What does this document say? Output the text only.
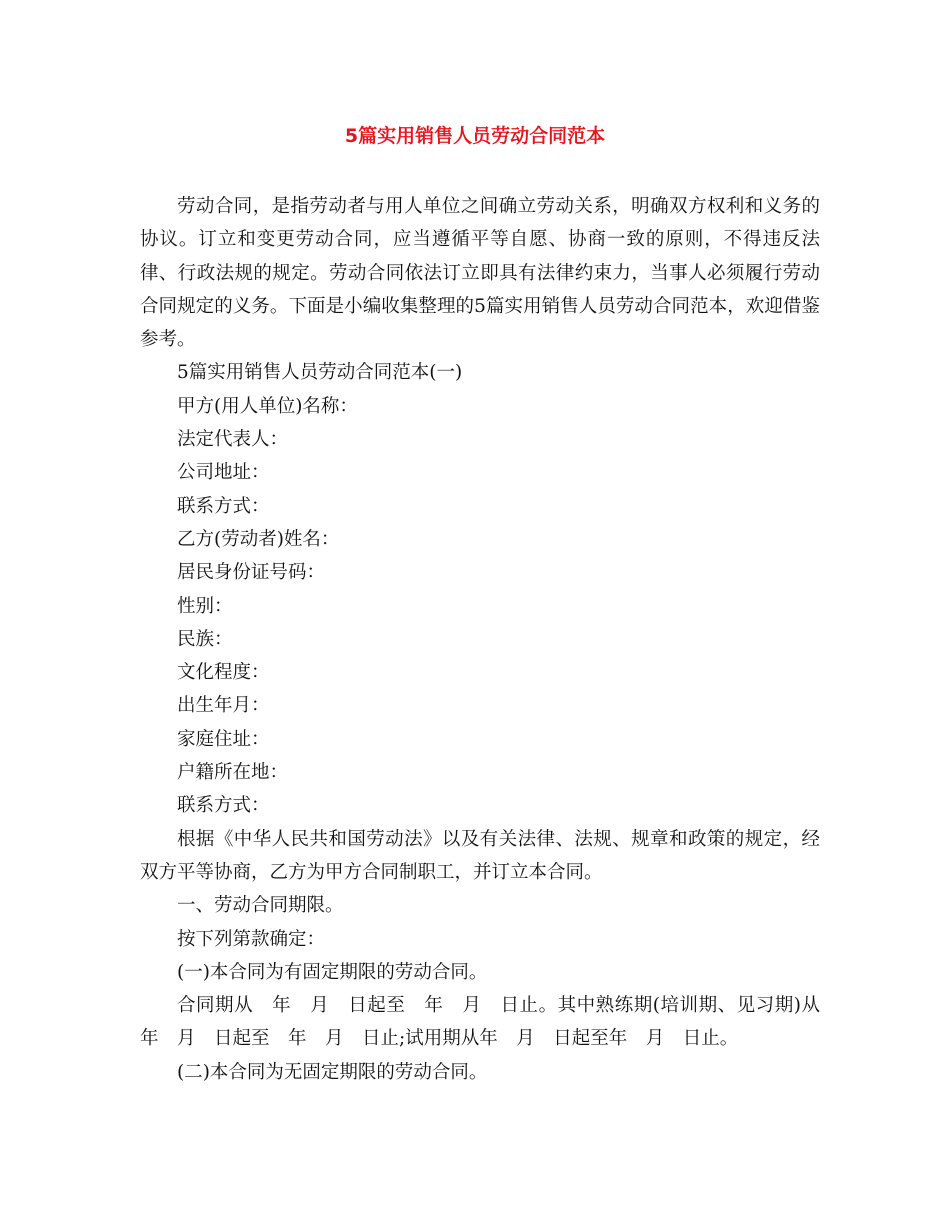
5篇实用销售人员劳动合同范本

劳动合同，是指劳动者与用人单位之间确立劳动关系，明确双方权利和义务的协议。订立和变更劳动合同，应当遵循平等自愿、协商一致的原则，不得违反法律、行政法规的规定。劳动合同依法订立即具有法律约束力，当事人必须履行劳动合同规定的义务。下面是小编收集整理的5篇实用销售人员劳动合同范本，欢迎借鉴参考。

5篇实用销售人员劳动合同范本(一)

甲方(用人单位)名称：

法定代表人：

公司地址：

联系方式：

乙方(劳动者)姓名：

居民身份证号码：

性别：

民族：

文化程度：

出生年月：

家庭住址：

户籍所在地：

联系方式：

根据《中华人民共和国劳动法》以及有关法律、法规、规章和政策的规定，经双方平等协商，乙方为甲方合同制职工，并订立本合同。

一、劳动合同期限。

按下列第款确定：

(一)本合同为有固定期限的劳动合同。

合同期从　年　月　日起至　年　月　日止。其中熟练期(培训期、见习期)从　年　月　日起至　年　月　日止;试用期从年　月　日起至年　月　日止。

(二)本合同为无固定期限的劳动合同。
